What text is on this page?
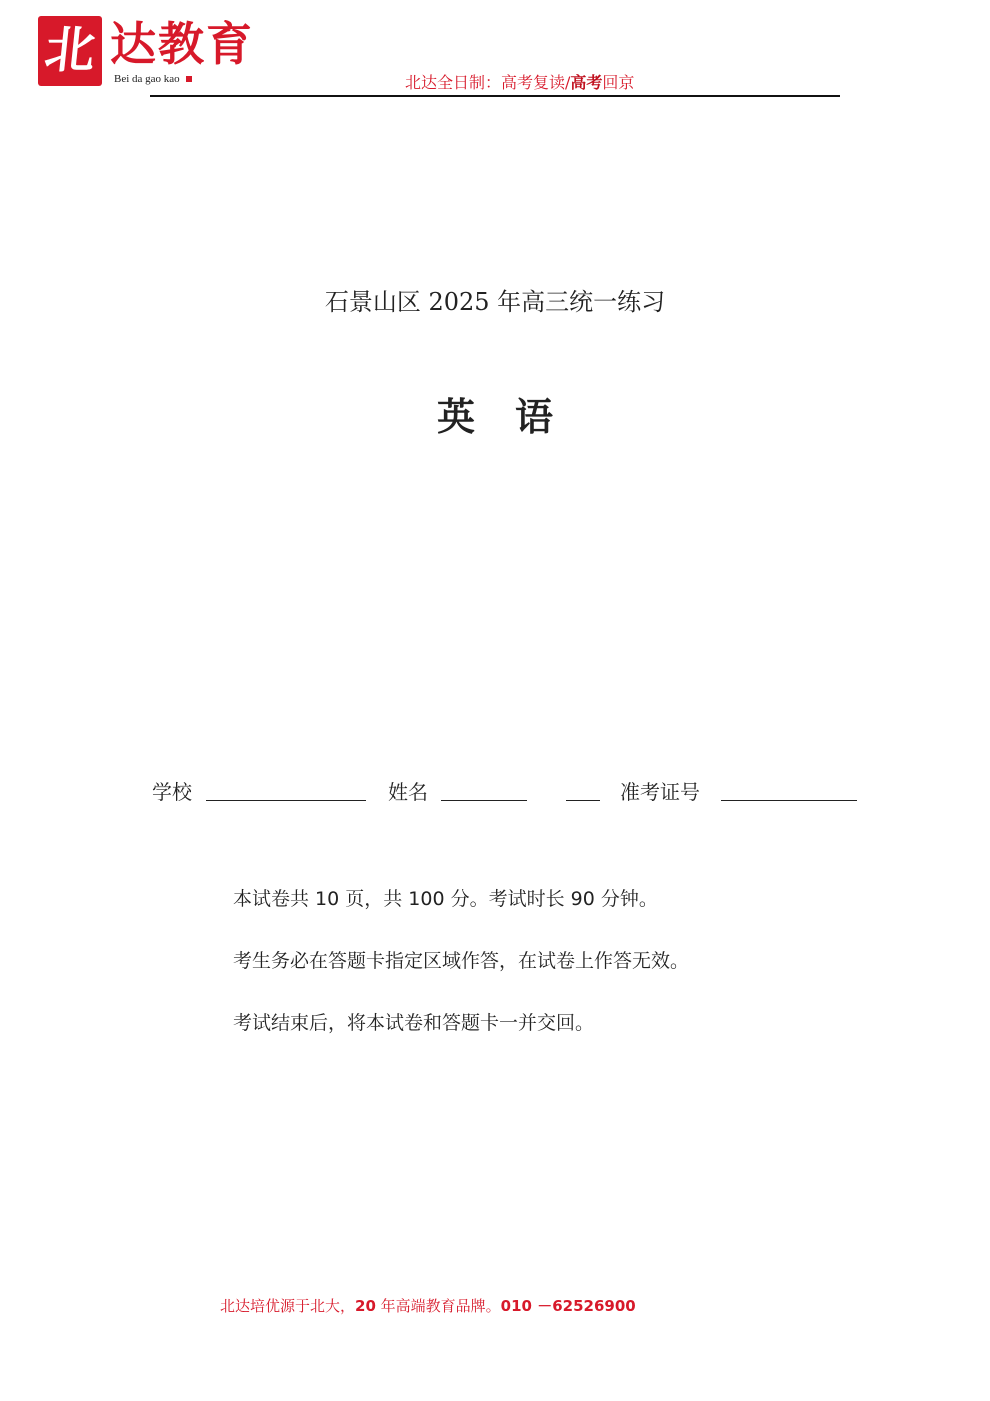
北 达教育
Bei da gao kao	北达全日制：高考复读/高考回京
石景山区 2025 年高三统一练习
英语
学校	姓名	准考证号
本试卷共 10 页，共 100 分。考试时长 90 分钟。
考生务必在答题卡指定区域作答，在试卷上作答无效。
考试结束后，将本试卷和答题卡一并交回。
北达培优源于北大，20 年高端教育品牌。010 －62526900
